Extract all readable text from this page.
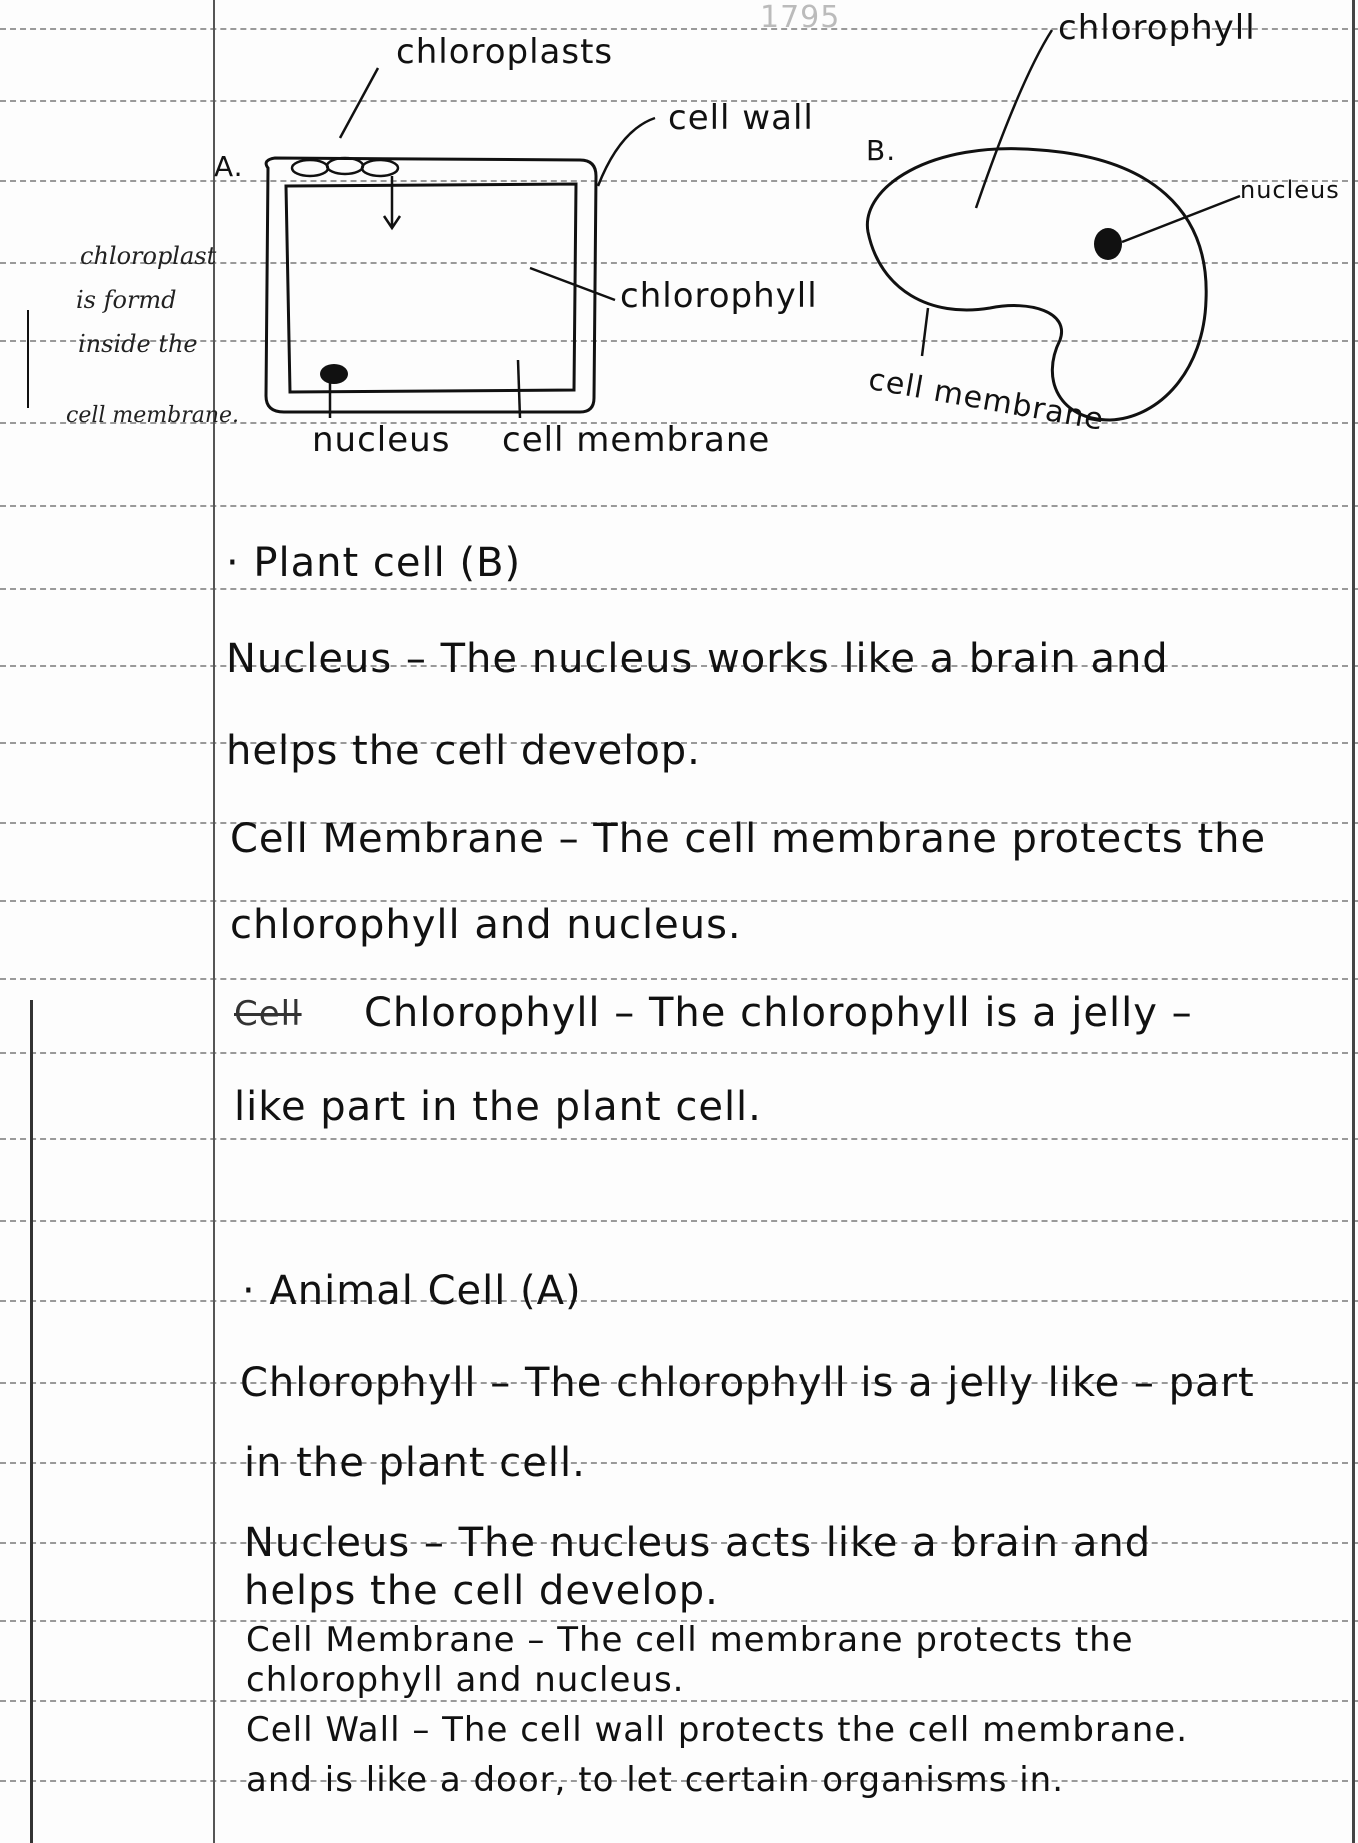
1795
chloroplasts
A.
cell wall
chlorophyll
nucleus cell membrane
chloroplast
is formd
inside the
cell membrane.
chlorophyll
B.
nucleus
cell membrane
· Plant cell (B)
Nucleus – The nucleus works like a brain and
helps the cell develop.
Cell Membrane – The cell membrane protects the
chlorophyll and nucleus.
Cell Chlorophyll – The chlorophyll is a jelly –
like part in the plant cell.
· Animal Cell (A)
Chlorophyll – The chlorophyll is a jelly like – part
in the plant cell.
Nucleus – The nucleus acts like a brain and
helps the cell develop.
Cell Membrane – The cell membrane protects the
chlorophyll and nucleus.
Cell Wall – The cell wall protects the cell membrane.
and is like a door, to let certain organisms in.
